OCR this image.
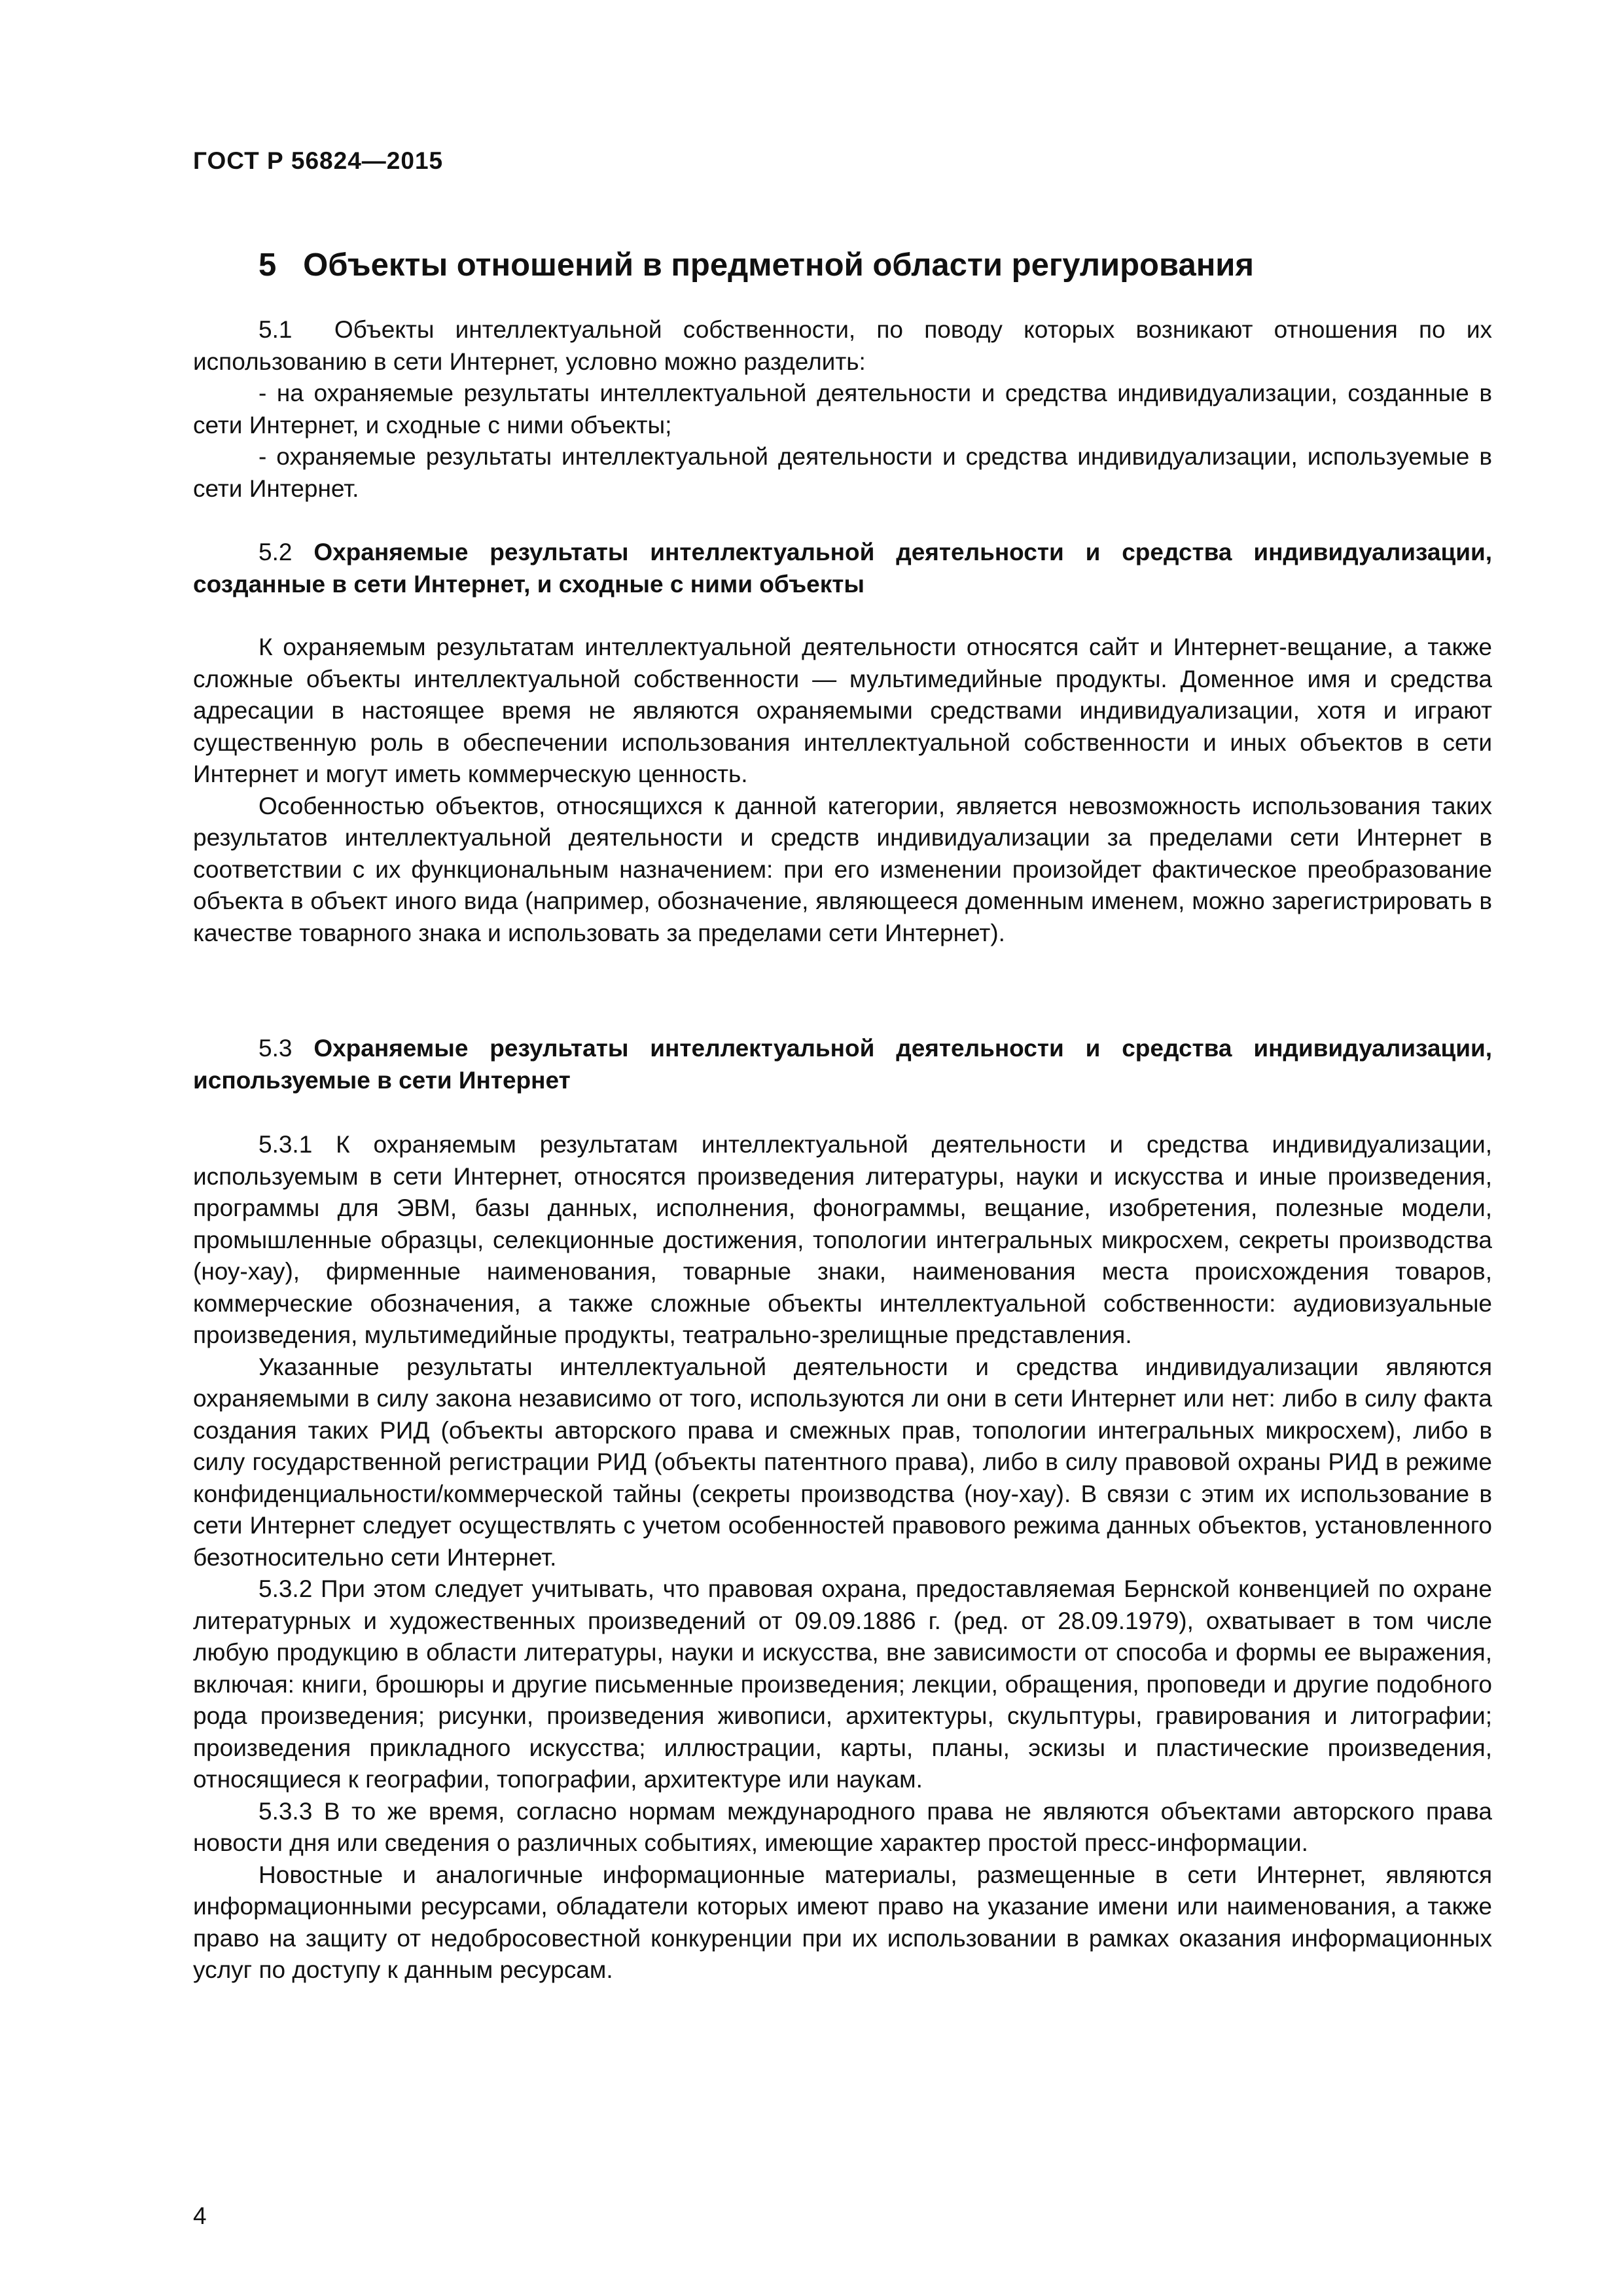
ГОСТ Р 56824—2015
5 Объекты отношений в предметной области регулирования

5.1 Объекты интеллектуальной собственности, по поводу которых возникают отношения по их использованию в сети Интернет, условно можно разделить:

- на охраняемые результаты интеллектуальной деятельности и средства индивидуализации, созданные в сети Интернет, и сходные с ними объекты;

- охраняемые результаты интеллектуальной деятельности и средства индивидуализации, используемые в сети Интернет.

5.2 Охраняемые результаты интеллектуальной деятельности и средства индивидуализации, созданные в сети Интернет, и сходные с ними объекты

К охраняемым результатам интеллектуальной деятельности относятся сайт и Интернет-вещание, а также сложные объекты интеллектуальной собственности — мультимедийные продукты. Доменное имя и средства адресации в настоящее время не являются охраняемыми средствами индивидуализации, хотя и играют существенную роль в обеспечении использования интеллектуальной собственности и иных объектов в сети Интернет и могут иметь коммерческую ценность.

Особенностью объектов, относящихся к данной категории, является невозможность использования таких результатов интеллектуальной деятельности и средств индивидуализации за пределами сети Интернет в соответствии с их функциональным назначением: при его изменении произойдет фактическое преобразование объекта в объект иного вида (например, обозначение, являющееся доменным именем, можно зарегистрировать в качестве товарного знака и использовать за пределами сети Интернет).

5.3 Охраняемые результаты интеллектуальной деятельности и средства индивидуализации, используемые в сети Интернет

5.3.1 К охраняемым результатам интеллектуальной деятельности и средства индивидуализации, используемым в сети Интернет, относятся произведения литературы, науки и искусства и иные произведения, программы для ЭВМ, базы данных, исполнения, фонограммы, вещание, изобретения, полезные модели, промышленные образцы, селекционные достижения, топологии интегральных микросхем, секреты производства (ноу-хау), фирменные наименования, товарные знаки, наименования места происхождения товаров, коммерческие обозначения, а также сложные объекты интеллектуальной собственности: аудиовизуальные произведения, мультимедийные продукты, театрально-зрелищные представления.

Указанные результаты интеллектуальной деятельности и средства индивидуализации являются охраняемыми в силу закона независимо от того, используются ли они в сети Интернет или нет: либо в силу факта создания таких РИД (объекты авторского права и смежных прав, топологии интегральных микросхем), либо в силу государственной регистрации РИД (объекты патентного права), либо в силу правовой охраны РИД в режиме конфиденциальности/коммерческой тайны (секреты производства (ноу-хау). В связи с этим их использование в сети Интернет следует осуществлять с учетом особенностей правового режима данных объектов, установленного безотносительно сети Интернет.

5.3.2 При этом следует учитывать, что правовая охрана, предоставляемая Бернской конвенцией по охране литературных и художественных произведений от 09.09.1886 г. (ред. от 28.09.1979), охватывает в том числе любую продукцию в области литературы, науки и искусства, вне зависимости от способа и формы ее выражения, включая: книги, брошюры и другие письменные произведения; лекции, обращения, проповеди и другие подобного рода произведения; рисунки, произведения живописи, архитектуры, скульптуры, гравирования и литографии; произведения прикладного искусства; иллюстрации, карты, планы, эскизы и пластические произведения, относящиеся к географии, топографии, архитектуре или наукам.

5.3.3 В то же время, согласно нормам международного права не являются объектами авторского права новости дня или сведения о различных событиях, имеющие характер простой пресс-информации.

Новостные и аналогичные информационные материалы, размещенные в сети Интернет, являются информационными ресурсами, обладатели которых имеют право на указание имени или наименования, а также право на защиту от недобросовестной конкуренции при их использовании в рамках оказания информационных услуг по доступу к данным ресурсам.

4
